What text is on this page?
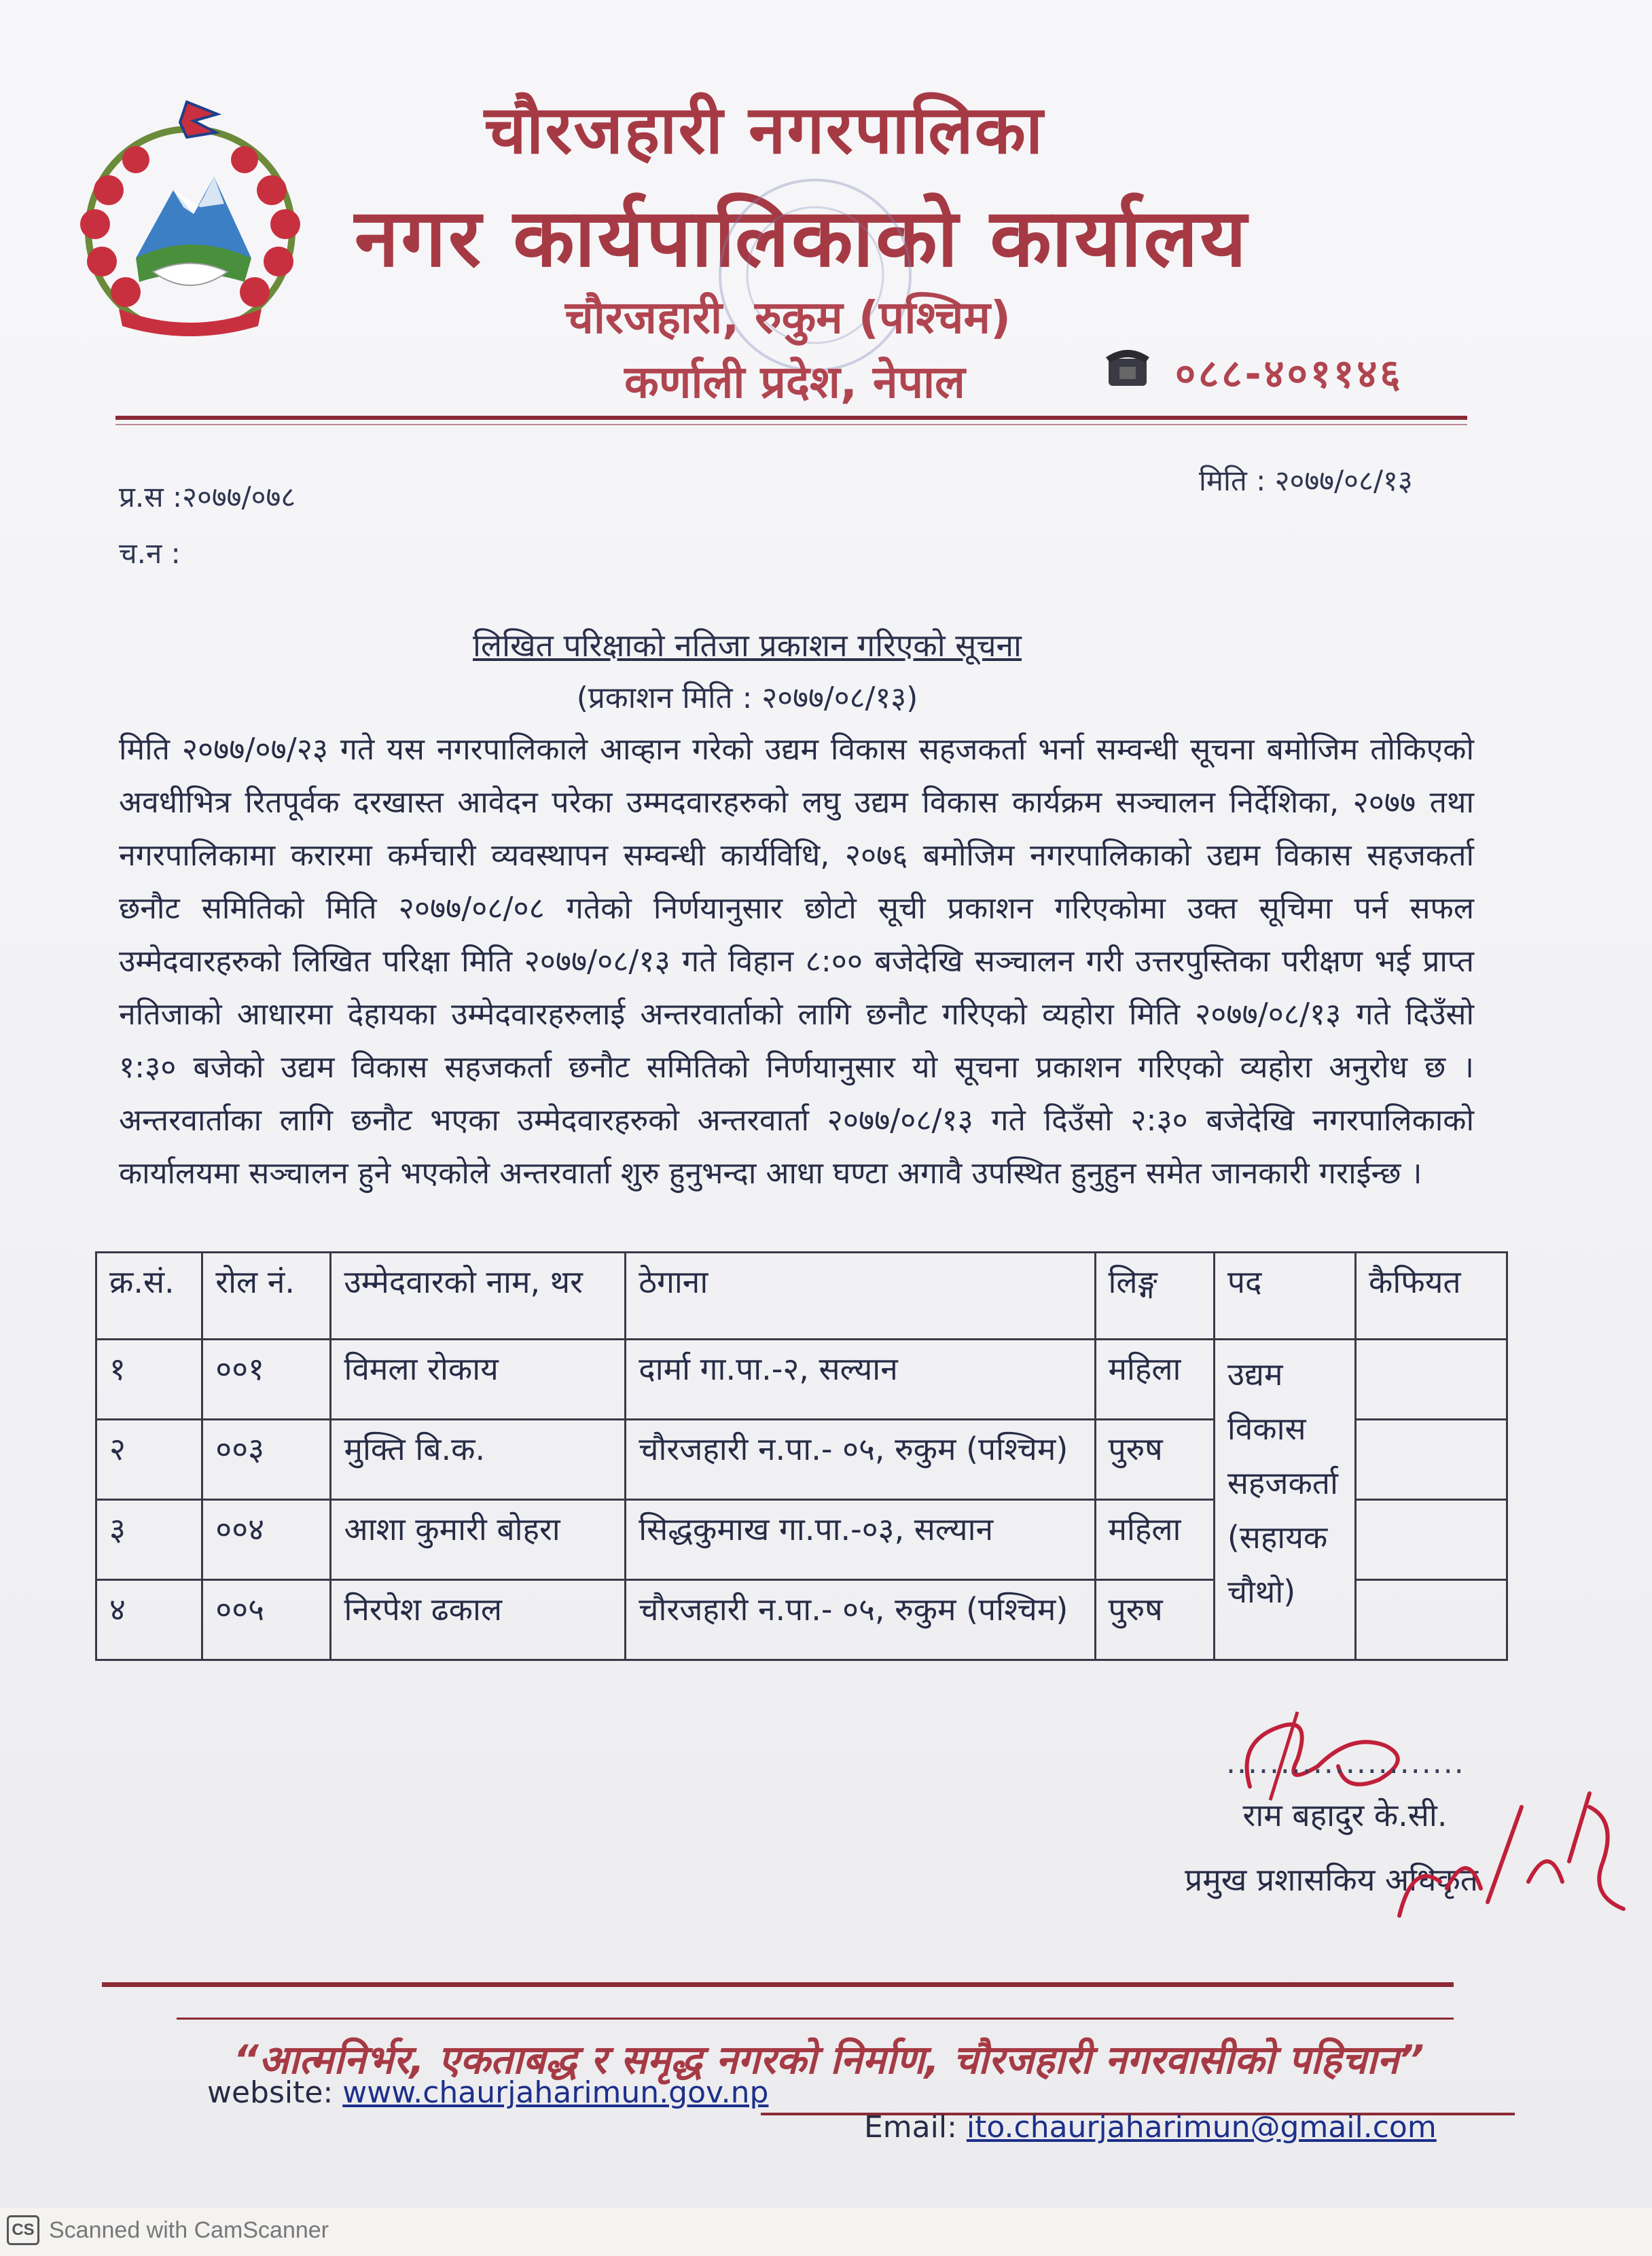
चौरजहारी नगरपालिका
नगर कार्यपालिकाको कार्यालय
चौरजहारी, रुकुम (पश्चिम)
कर्णाली प्रदेश, नेपाल	०८८-४०११४६
प्र.स :२०७७/०७८
च.न :
मिति : २०७७/०८/१३
लिखित परिक्षाको नतिजा प्रकाशन गरिएको सूचना
(प्रकाशन मिति : २०७७/०८/१३)
मिति २०७७/०७/२३ गते यस नगरपालिकाले आव्हान गरेको उद्यम विकास सहजकर्ता भर्ना सम्वन्धी सूचना बमोजिम तोकिएको अवधीभित्र रितपूर्वक दरखास्त आवेदन परेका उम्मदवारहरुको लघु उद्यम विकास कार्यक्रम सञ्चालन निर्देशिका, २०७७ तथा नगरपालिकामा करारमा कर्मचारी व्यवस्थापन सम्वन्धी कार्यविधि, २०७६ बमोजिम नगरपालिकाको उद्यम विकास सहजकर्ता छनौट समितिको मिति २०७७/०८/०८ गतेको निर्णयानुसार छोटो सूची प्रकाशन गरिएकोमा उक्त सूचिमा पर्न सफल उम्मेदवारहरुको लिखित परिक्षा मिति २०७७/०८/१३ गते विहान ८:०० बजेदेखि सञ्चालन गरी उत्तरपुस्तिका परीक्षण भई प्राप्त नतिजाको आधारमा देहायका उम्मेदवारहरुलाई अन्तरवार्ताको लागि छनौट गरिएको व्यहोरा मिति २०७७/०८/१३ गते दिउँसो १:३० बजेको उद्यम विकास सहजकर्ता छनौट समितिको निर्णयानुसार यो सूचना प्रकाशन गरिएको व्यहोरा अनुरोध छ । अन्तरवार्ताका लागि छनौट भएका उम्मेदवारहरुको अन्तरवार्ता २०७७/०८/१३ गते दिउँसो २:३० बजेदेखि नगरपालिकाको कार्यालयमा सञ्चालन हुने भएकोले अन्तरवार्ता शुरु हुनुभन्दा आधा घण्टा अगावै उपस्थित हुनुहुन समेत जानकारी गराईन्छ ।
क्र.सं.	रोल नं.	उम्मेदवारको नाम, थर	ठेगाना	लिङ्ग	पद	कैफियत
१	००१	विमला रोकाय	दार्मा गा.पा.-२, सल्यान	महिला	उद्यम
विकास
सहजकर्ता
(सहायक
चौथो)	

२	००३	मुक्ति बि.क.	चौरजहारी न.पा.- ०५, रुकुम (पश्चिम)	पुरुष		
३	००४	आशा कुमारी बोहरा	सिद्धकुमाख गा.पा.-०३, सल्यान	महिला		
४	००५	निरपेश ढकाल	चौरजहारी न.पा.- ०५, रुकुम (पश्चिम)	पुरुष		
......................
राम बहादुर के.सी.
प्रमुख प्रशासकिय अधिकृत
“आत्मनिर्भर, एकताबद्ध र समृद्ध नगरको निर्माण, चौरजहारी नगरवासीको पहिचान”
website: www.chaurjaharimun.gov.np
Email: ito.chaurjaharimun@gmail.com
CS Scanned with CamScanner
